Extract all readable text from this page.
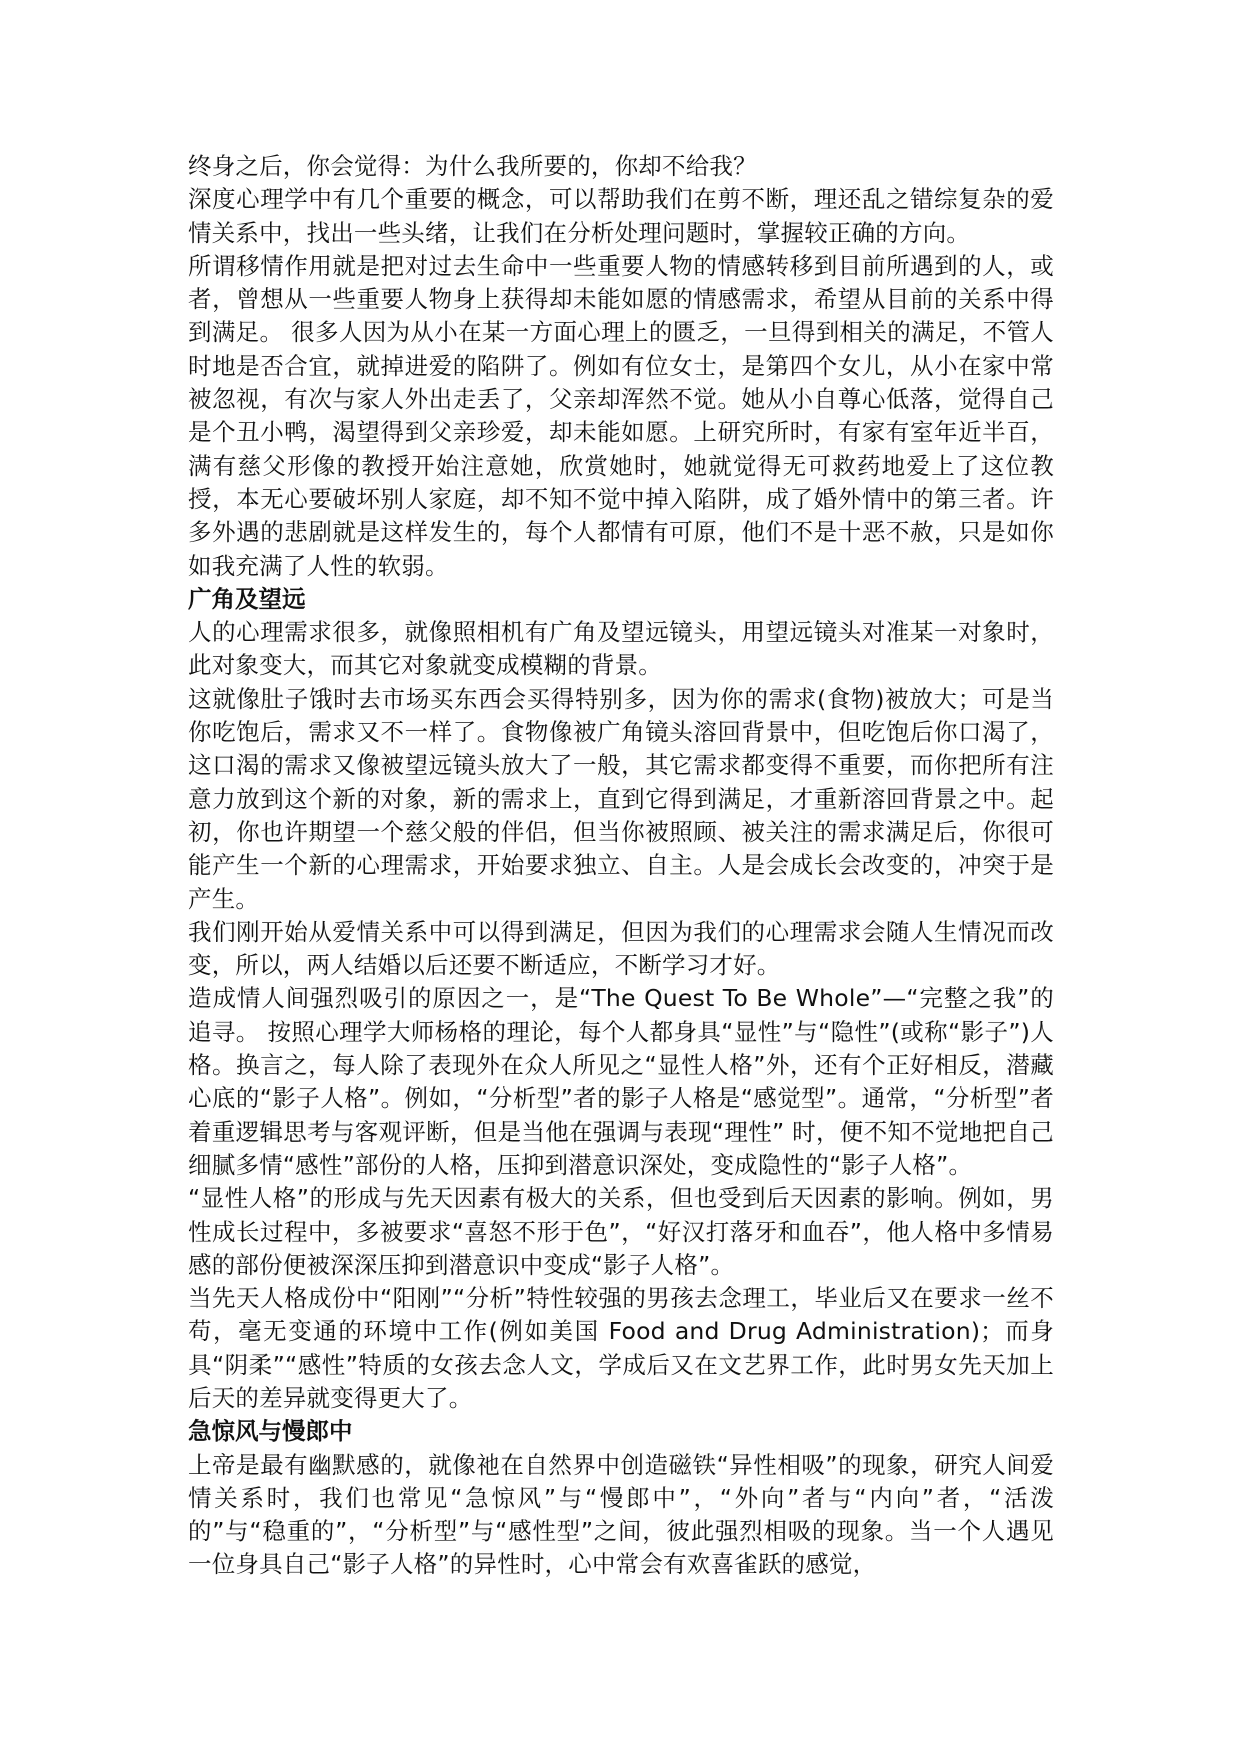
终身之后，你会觉得：为什么我所要的，你却不给我？

深度心理学中有几个重要的概念，可以帮助我们在剪不断，理还乱之错综复杂的爱情关系中，找出一些头绪，让我们在分析处理问题时，掌握较正确的方向。

所谓移情作用就是把对过去生命中一些重要人物的情感转移到目前所遇到的人，或者，曾想从一些重要人物身上获得却未能如愿的情感需求，希望从目前的关系中得到满足。 很多人因为从小在某一方面心理上的匮乏，一旦得到相关的满足，不管人时地是否合宜，就掉进爱的陷阱了。例如有位女士，是第四个女儿，从小在家中常被忽视，有次与家人外出走丢了，父亲却浑然不觉。她从小自尊心低落，觉得自己是个丑小鸭，渴望得到父亲珍爱，却未能如愿。上研究所时，有家有室年近半百，满有慈父形像的教授开始注意她，欣赏她时，她就觉得无可救药地爱上了这位教授，本无心要破坏别人家庭，却不知不觉中掉入陷阱，成了婚外情中的第三者。许多外遇的悲剧就是这样发生的，每个人都情有可原，他们不是十恶不赦，只是如你如我充满了人性的软弱。

广角及望远

人的心理需求很多，就像照相机有广角及望远镜头，用望远镜头对准某一对象时，此对象变大，而其它对象就变成模糊的背景。

这就像肚子饿时去市场买东西会买得特别多，因为你的需求(食物)被放大；可是当你吃饱后，需求又不一样了。食物像被广角镜头溶回背景中，但吃饱后你口渴了，这口渴的需求又像被望远镜头放大了一般，其它需求都变得不重要，而你把所有注意力放到这个新的对象，新的需求上，直到它得到满足，才重新溶回背景之中。起初，你也许期望一个慈父般的伴侣，但当你被照顾、被关注的需求满足后，你很可能产生一个新的心理需求，开始要求独立、自主。人是会成长会改变的，冲突于是产生。

我们刚开始从爱情关系中可以得到满足，但因为我们的心理需求会随人生情况而改变，所以，两人结婚以后还要不断适应，不断学习才好。

造成情人间强烈吸引的原因之一，是“The Quest To Be Whole”—“完整之我”的追寻。 按照心理学大师杨格的理论，每个人都身具“显性”与“隐性”(或称“影子”)人格。换言之，每人除了表现外在众人所见之“显性人格”外，还有个正好相反，潜藏心底的“影子人格”。例如，“分析型”者的影子人格是“感觉型”。通常，“分析型”者着重逻辑思考与客观评断，但是当他在强调与表现“理性” 时，便不知不觉地把自己细腻多情“感性”部份的人格，压抑到潜意识深处，变成隐性的“影子人格”。

“显性人格”的形成与先天因素有极大的关系，但也受到后天因素的影响。例如，男性成长过程中，多被要求“喜怒不形于色”，“好汉打落牙和血吞”，他人格中多情易感的部份便被深深压抑到潜意识中变成“影子人格”。

当先天人格成份中“阳刚”“分析”特性较强的男孩去念理工，毕业后又在要求一丝不苟，毫无变通的环境中工作(例如美国 Food and Drug Administration)；而身具“阴柔”“感性”特质的女孩去念人文，学成后又在文艺界工作，此时男女先天加上后天的差异就变得更大了。

急惊风与慢郎中

上帝是最有幽默感的，就像祂在自然界中创造磁铁“异性相吸”的现象，研究人间爱情关系时，我们也常见“急惊风”与“慢郎中”，“外向”者与“内向”者，“活泼的”与“稳重的”，“分析型”与“感性型”之间，彼此强烈相吸的现象。当一个人遇见一位身具自己“影子人格”的异性时，心中常会有欢喜雀跃的感觉，
